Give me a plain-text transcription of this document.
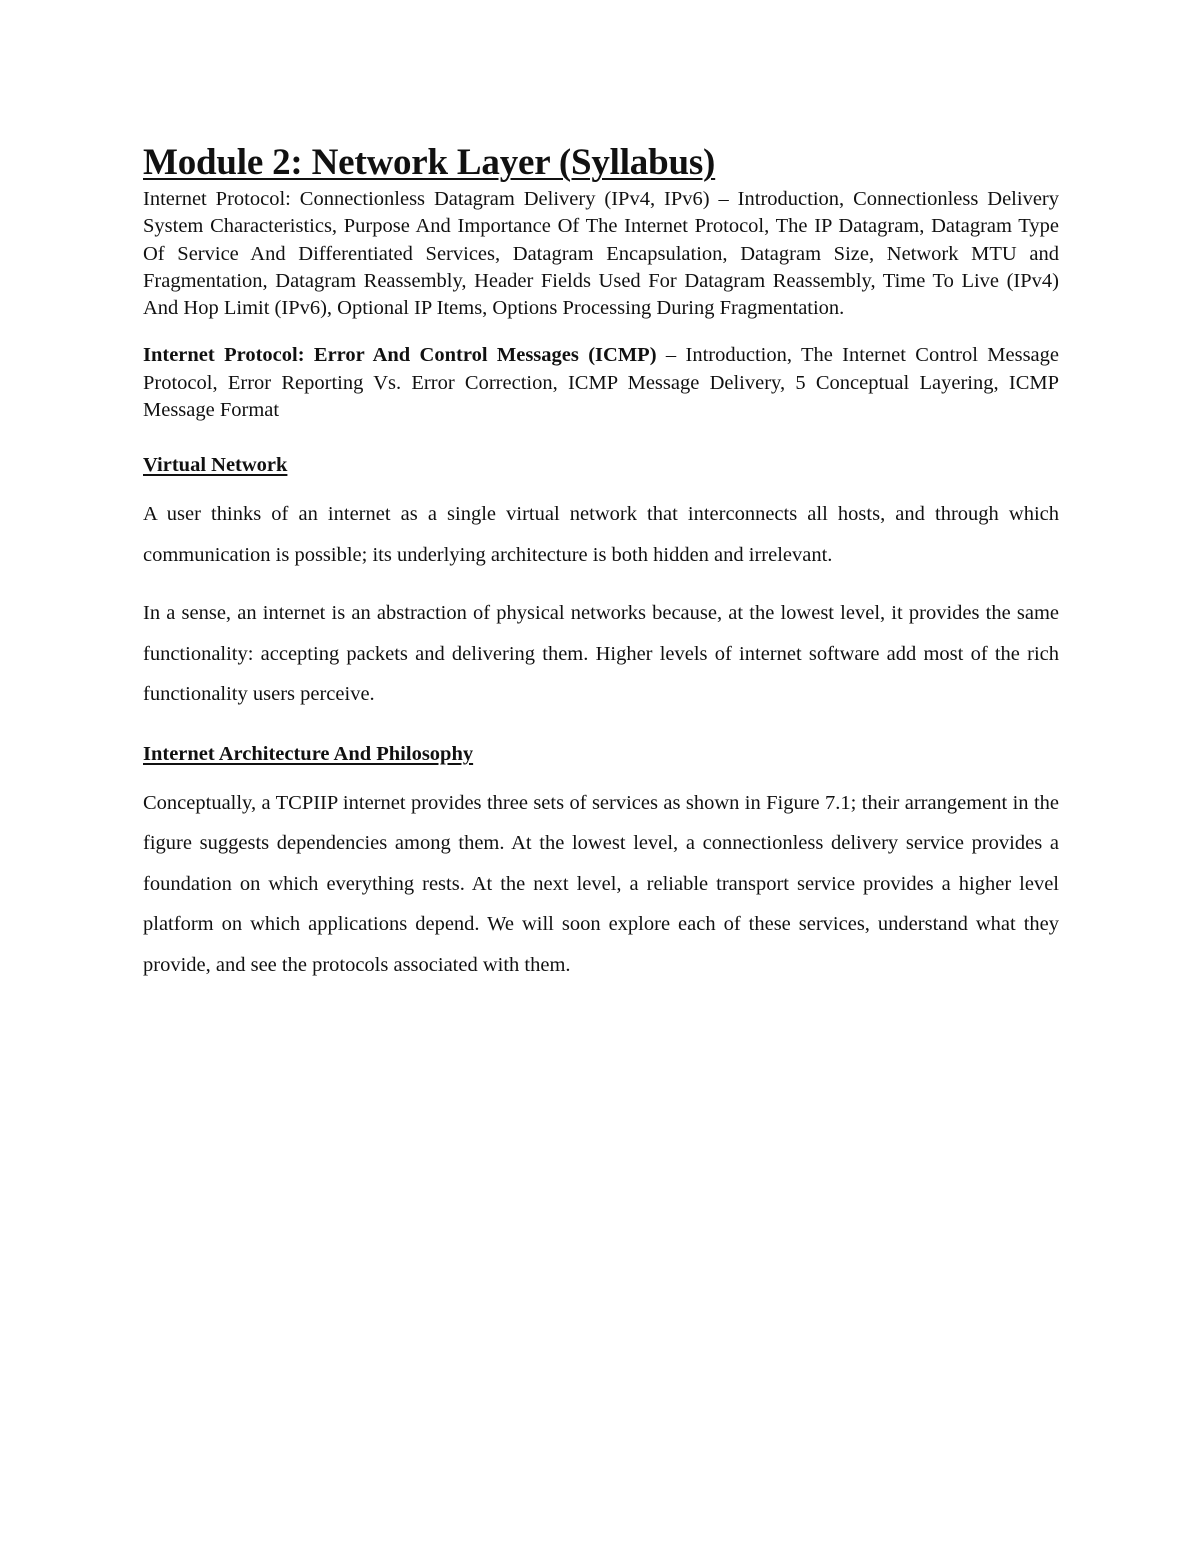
Module 2: Network Layer (Syllabus)

Internet Protocol: Connectionless Datagram Delivery (IPv4, IPv6) – Introduction, Connectionless Delivery System Characteristics, Purpose And Importance Of The Internet Protocol, The IP Datagram, Datagram Type Of Service And Differentiated Services, Datagram Encapsulation, Datagram Size, Network MTU and Fragmentation, Datagram Reassembly, Header Fields Used For Datagram Reassembly, Time To Live (IPv4) And Hop Limit (IPv6), Optional IP Items, Options Processing During Fragmentation.

Internet Protocol: Error And Control Messages (ICMP) – Introduction, The Internet Control Message Protocol, Error Reporting Vs. Error Correction, ICMP Message Delivery, 5 Conceptual Layering, ICMP Message Format

Virtual Network

A user thinks of an internet as a single virtual network that interconnects all hosts, and through which communication is possible; its underlying architecture is both hidden and irrelevant.

In a sense, an internet is an abstraction of physical networks because, at the lowest level, it provides the same functionality: accepting packets and delivering them. Higher levels of internet software add most of the rich functionality users perceive.

Internet Architecture And Philosophy

Conceptually, a TCPIIP internet provides three sets of services as shown in Figure 7.1; their arrangement in the figure suggests dependencies among them. At the lowest level, a connectionless delivery service provides a foundation on which everything rests. At the next level, a reliable transport service provides a higher level platform on which applications depend. We will soon explore each of these services, understand what they provide, and see the protocols associated with them.
